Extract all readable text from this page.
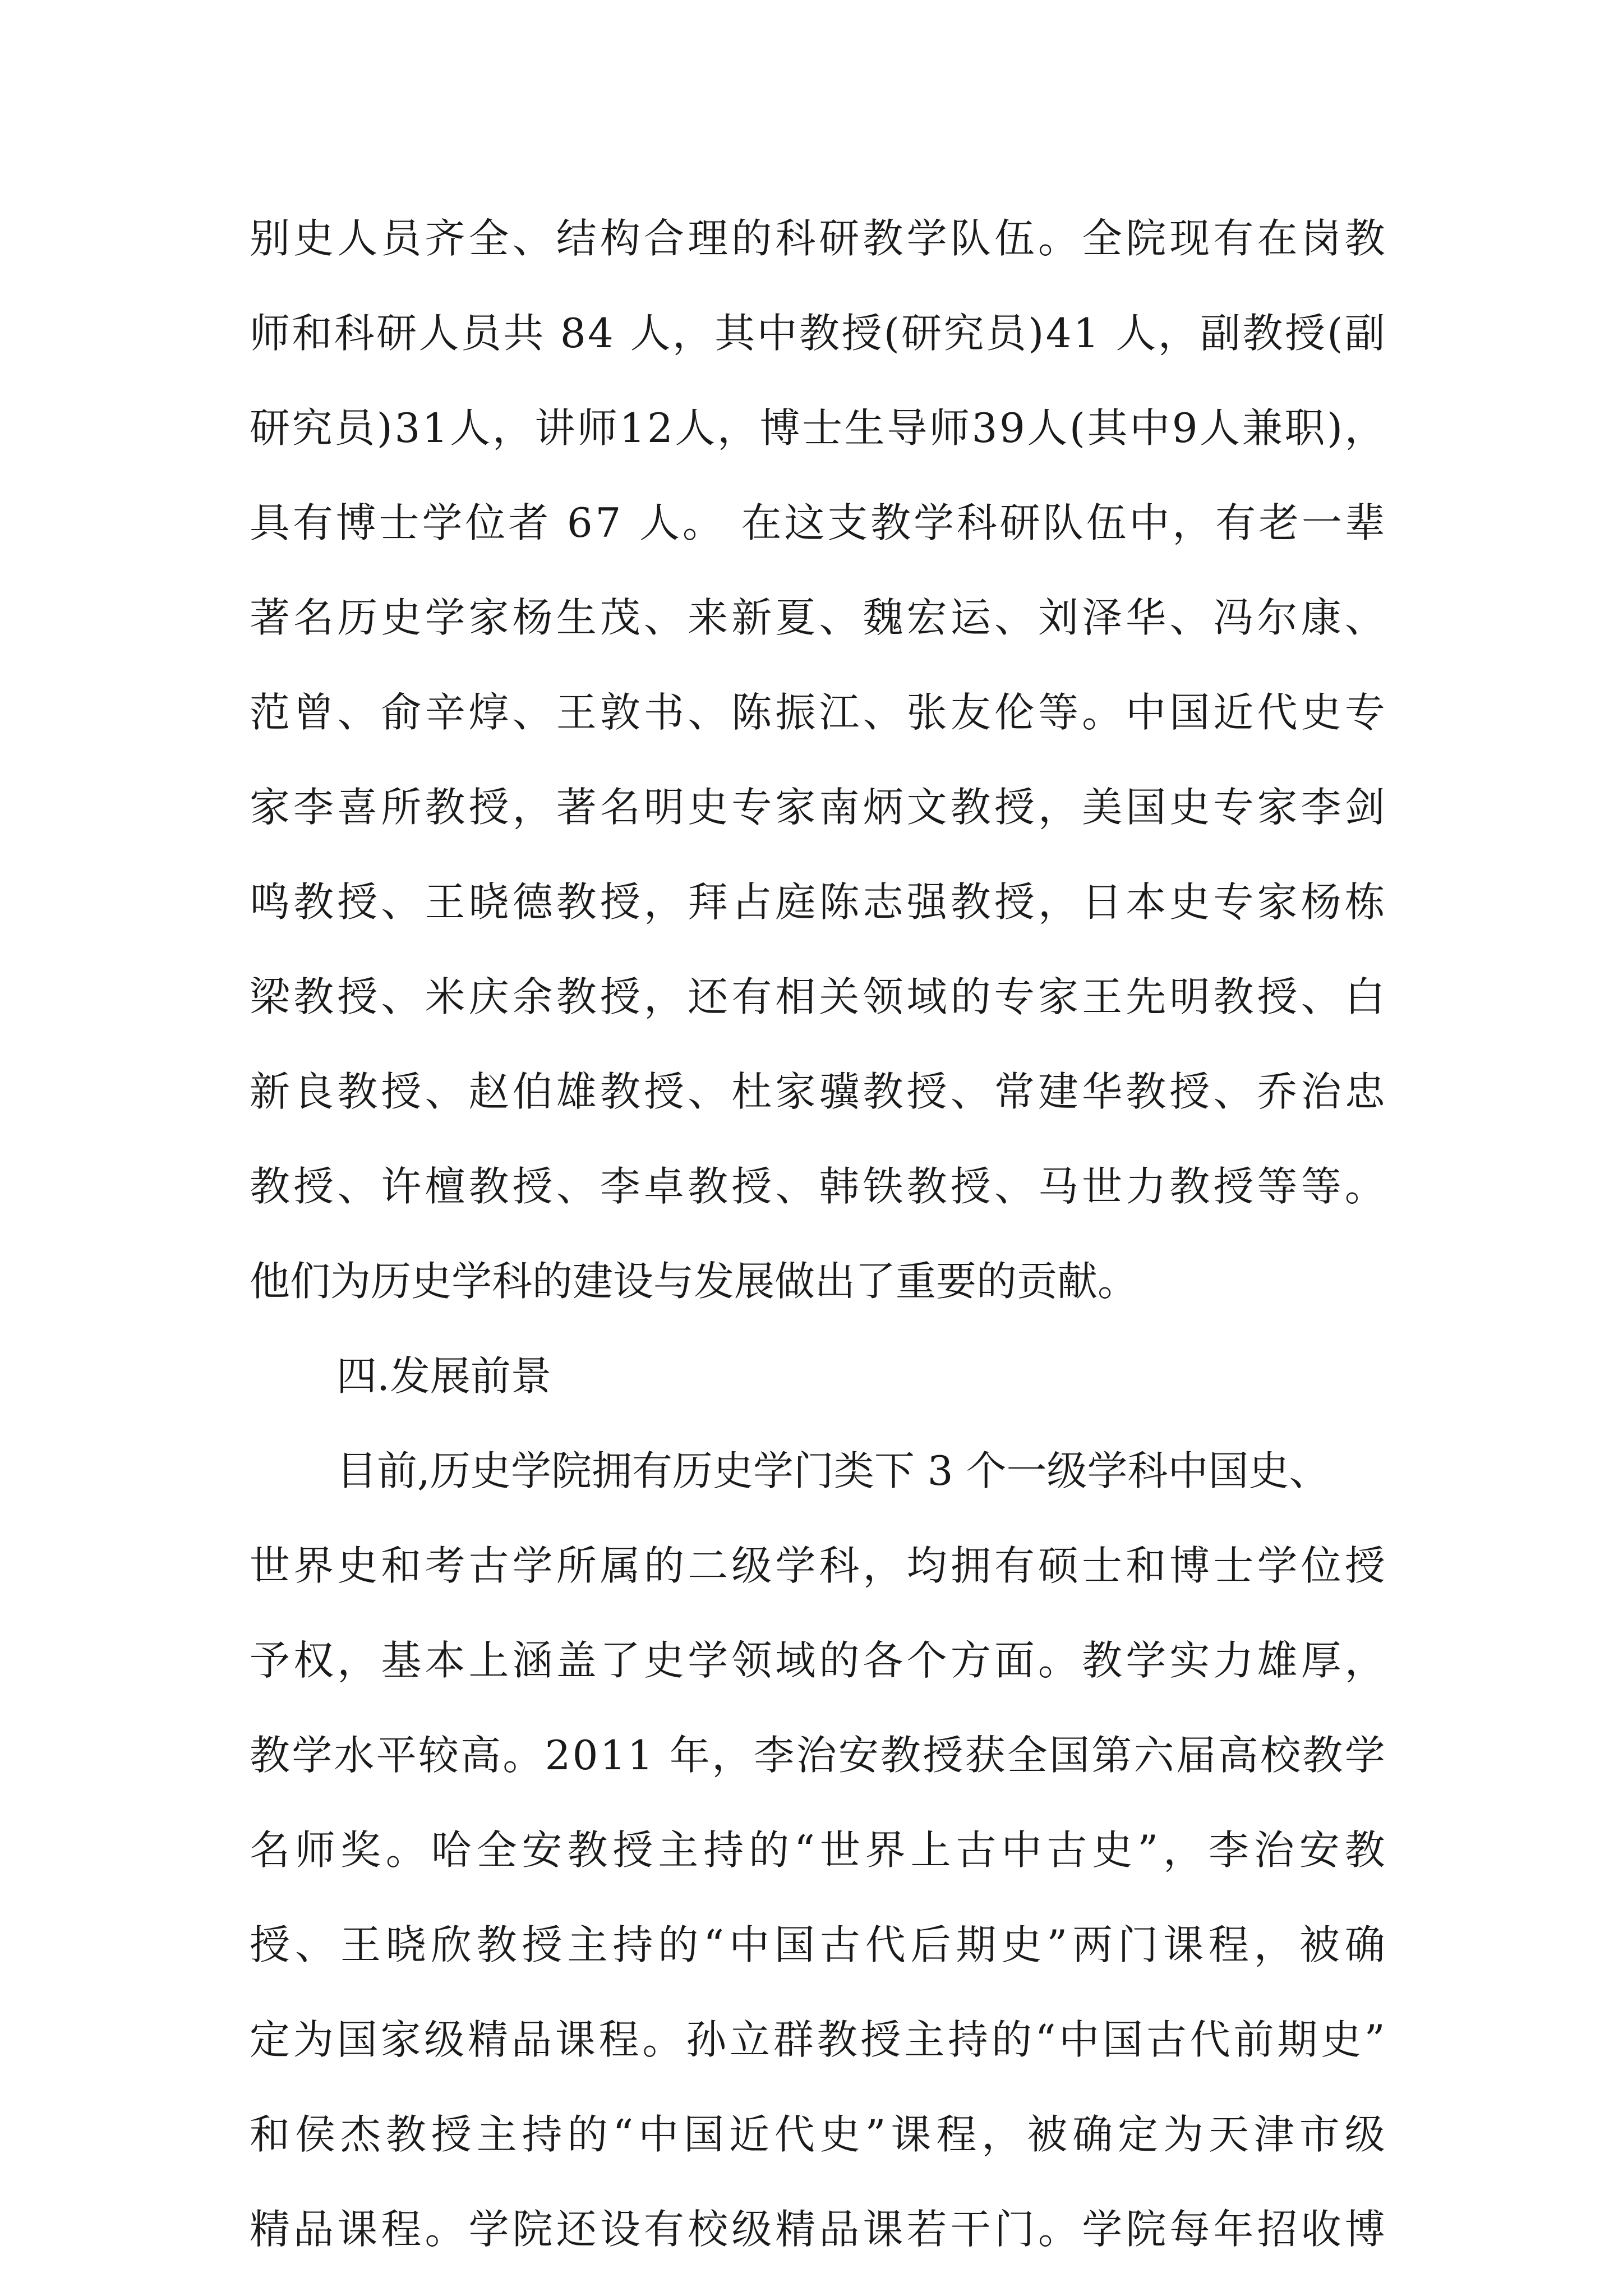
别 史 人 员 齐 全 、 结 构 合 理 的 科 研 教 学 队 伍 。 全 院 现 有 在 岗 教
师 和 科 研 人 员 共
8 4
人 ， 其 中 教 授 ( 研 究 员 ) 4 1
人 ， 副 教 授 ( 副
研 究 员 ) 3 1 人 ， 讲 师 1 2 人 ， 博 士 生 导 师 3 9 人 ( 其 中 9 人 兼 职 ) ，
具 有 博 士 学 位 者
6 7
人 。
在 这 支 教 学 科 研 队 伍 中 ， 有 老 一 辈
著 名 历 史 学 家 杨 生 茂 、 来 新 夏 、 魏 宏 运 、 刘 泽 华 、 冯 尔 康 、
范 曾 、 俞 辛 焞 、 王 敦 书 、 陈 振 江 、 张 友 伦 等 。 中 国 近 代 史 专
家 李 喜 所 教 授 ， 著 名 明 史 专 家 南 炳 文 教 授 ， 美 国 史 专 家 李 剑
鸣 教 授 、 王 晓 德 教 授 ， 拜 占 庭 陈 志 强 教 授 ， 日 本 史 专 家 杨 栋
梁 教 授 、 米 庆 余 教 授 ， 还 有 相 关 领 域 的 专 家 王 先 明 教 授 、 白
新 良 教 授 、 赵 伯 雄 教 授 、 杜 家 骥 教 授 、 常 建 华 教 授 、 乔 治 忠
教 授 、 许 檀 教 授 、 李 卓 教 授 、 韩 铁 教 授 、 马 世 力 教 授 等 等 。
他们为历史学科的建设与发展做出了重要的贡献。
四.发展前景
目前,历史学院拥有历史学门类下 3 个一级学科中国史、
世 界 史 和 考 古 学 所 属 的 二 级 学 科 ， 均 拥 有 硕 士 和 博 士 学 位 授
予 权 ， 基 本 上 涵 盖 了 史 学 领 域 的 各 个 方 面 。 教 学 实 力 雄 厚 ，
教 学 水 平 较 高 。 2 0 1 1
年 ， 李 治 安 教 授 获 全 国 第 六 届 高 校 教 学
名 师 奖 。 哈 全 安 教 授 主 持 的 “ 世 界 上 古 中 古 史 ” ， 李 治 安 教
授 、 王 晓 欣 教 授 主 持 的 “ 中 国 古 代 后 期 史 ” 两 门 课 程 ， 被 确
定 为 国 家 级 精 品 课 程 。 孙 立 群 教 授 主 持 的 “ 中 国 古 代 前 期 史 ”
和 侯 杰 教 授 主 持 的 “ 中 国 近 代 史 ” 课 程 ， 被 确 定 为 天 津 市 级
精 品 课 程 。 学 院 还 设 有 校 级 精 品 课 若 干 门 。 学 院 每 年 招 收 博
